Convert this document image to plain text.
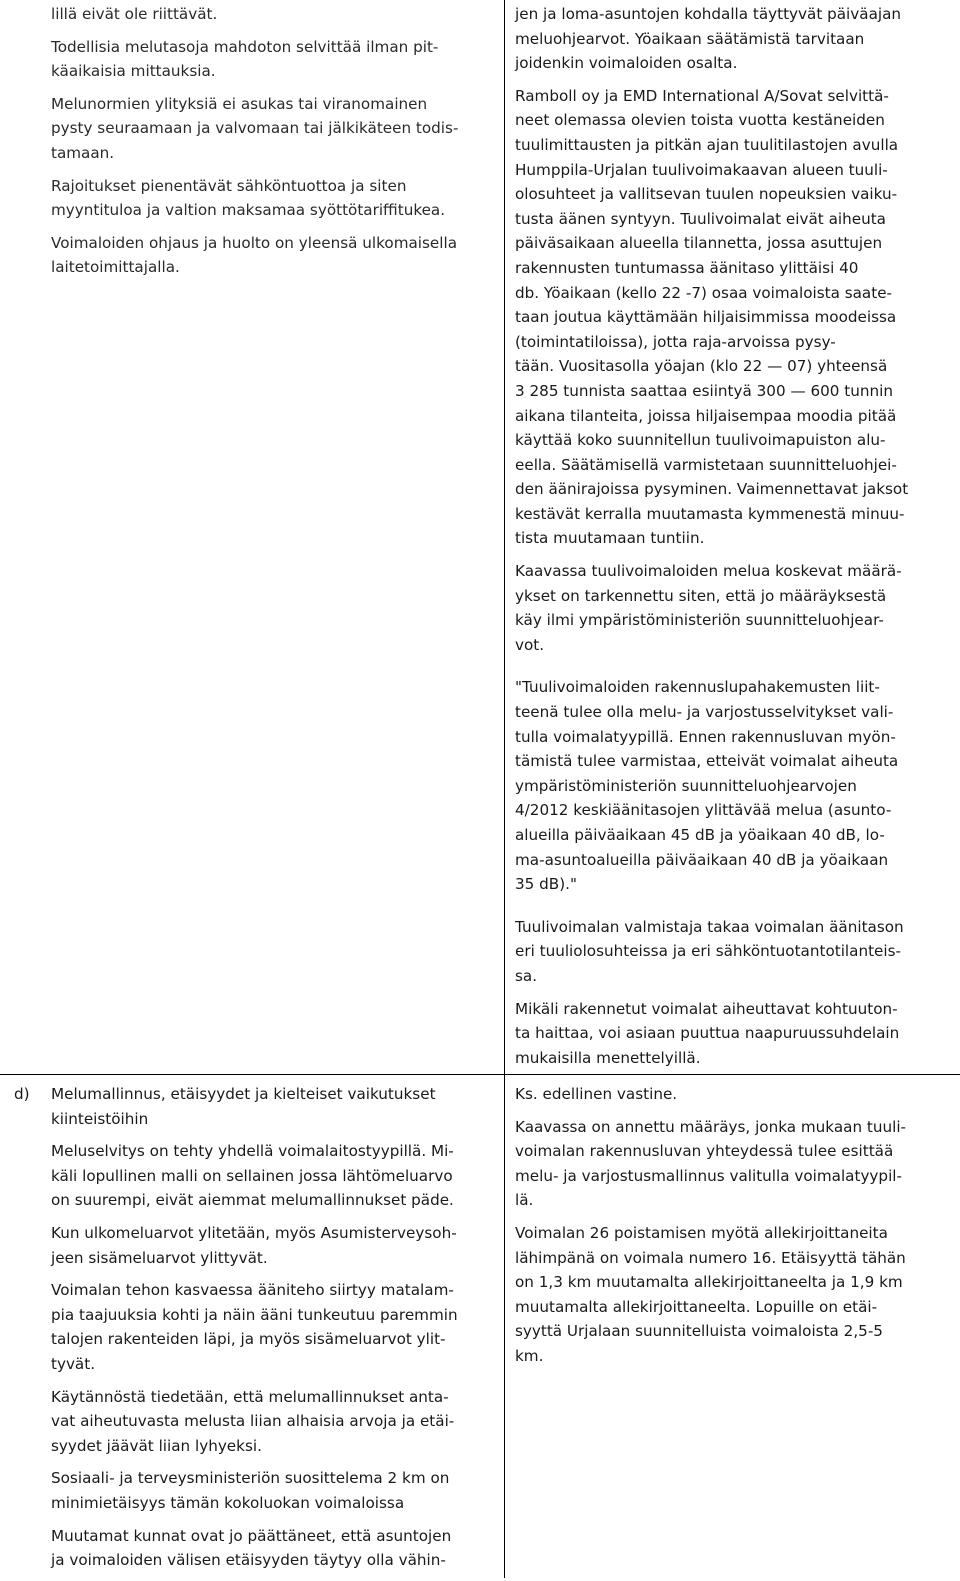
lillä eivät ole riittävät.

Todellisia melutasoja mahdoton selvittää ilman pit-
käaikaisia mittauksia.

Melunormien ylityksiä ei asukas tai viranomainen
pysty seuraamaan ja valvomaan tai jälkikäteen todis-
tamaan.

Rajoitukset pienentävät sähköntuottoa ja siten
myyntituloa ja valtion maksamaa syöttötariffitukea.

Voimaloiden ohjaus ja huolto on yleensä ulkomaisella
laitetoimittajalla.

jen ja loma-asuntojen kohdalla täyttyvät päiväajan
meluohjearvot. Yöaikaan säätämistä tarvitaan
joidenkin voimaloiden osalta.

Ramboll oy ja EMD International A/Sovat selvittä-
neet olemassa olevien toista vuotta kestäneiden
tuulimittausten ja pitkän ajan tuulitilastojen avulla
Humppila-Urjalan tuulivoimakaavan alueen tuuli-
olosuhteet ja vallitsevan tuulen nopeuksien vaiku-
tusta äänen syntyyn. Tuulivoimalat eivät aiheuta
päiväsaikaan alueella tilannetta, jossa asuttujen
rakennusten tuntumassa äänitaso ylittäisi 40
db. Yöaikaan (kello 22 -7) osaa voimaloista saate-
taan joutua käyttämään hiljaisimmissa moodeissa
(toimintatiloissa), jotta raja-arvoissa pysy-
tään. Vuositasolla yöajan (klo 22 — 07) yhteensä
3 285 tunnista saattaa esiintyä 300 — 600 tunnin
aikana tilanteita, joissa hiljaisempaa moodia pitää
käyttää koko suunnitellun tuulivoimapuiston alu-
eella. Säätämisellä varmistetaan suunnitteluohjei-
den äänirajoissa pysyminen. Vaimennettavat jaksot
kestävät kerralla muutamasta kymmenestä minuu-
tista muutamaan tuntiin.

Kaavassa tuulivoimaloiden melua koskevat määrä-
ykset on tarkennettu siten, että jo määräyksestä
käy ilmi ympäristöministeriön suunnitteluohjear-
vot.

"Tuulivoimaloiden rakennuslupahakemusten liit-
teenä tulee olla melu- ja varjostusselvitykset vali-
tulla voimalatyypillä. Ennen rakennusluvan myön-
tämistä tulee varmistaa, etteivät voimalat aiheuta
ympäristöministeriön suunnitteluohjearvojen
4/2012 keskiäänitasojen ylittävää melua (asunto-
alueilla päiväaikaan 45 dB ja yöaikaan 40 dB, lo-
ma-asuntoalueilla päiväaikaan 40 dB ja yöaikaan
35 dB)."

Tuulivoimalan valmistaja takaa voimalan äänitason
eri tuuliolosuhteissa ja eri sähköntuotantotilanteis-
sa.

Mikäli rakennetut voimalat aiheuttavat kohtuuton-
ta haittaa, voi asiaan puuttua naapuruussuhdelain
mukaisilla menettelyillä.

d) Melumallinnus, etäisyydet ja kielteiset vaikutukset
kiinteistöihin

Meluselvitys on tehty yhdellä voimalaitostyypillä. Mi-
käli lopullinen malli on sellainen jossa lähtömeluarvo
on suurempi, eivät aiemmat melumallinnukset päde.

Kun ulkomeluarvot ylitetään, myös Asumisterveysoh-
jeen sisämeluarvot ylittyvät.

Voimalan tehon kasvaessa ääniteho siirtyy matalam-
pia taajuuksia kohti ja näin ääni tunkeutuu paremmin
talojen rakenteiden läpi, ja myös sisämeluarvot ylit-
tyvät.

Käytännöstä tiedetään, että melumallinnukset anta-
vat aiheutuvasta melusta liian alhaisia arvoja ja etäi-
syydet jäävät liian lyhyeksi.

Sosiaali- ja terveysministeriön suosittelema 2 km on
minimietäisyys tämän kokoluokan voimaloissa

Muutamat kunnat ovat jo päättäneet, että asuntojen
ja voimaloiden välisen etäisyyden täytyy olla vähin-

Ks. edellinen vastine.

Kaavassa on annettu määräys, jonka mukaan tuuli-
voimalan rakennusluvan yhteydessä tulee esittää
melu- ja varjostusmallinnus valitulla voimalatyypil-
lä.

Voimalan 26 poistamisen myötä allekirjoittaneita
lähimpänä on voimala numero 16. Etäisyyttä tähän
on 1,3 km muutamalta allekirjoittaneelta ja 1,9 km
muutamalta allekirjoittaneelta. Lopuille on etäi-
syyttä Urjalaan suunnitelluista voimaloista 2,5-5
km.
